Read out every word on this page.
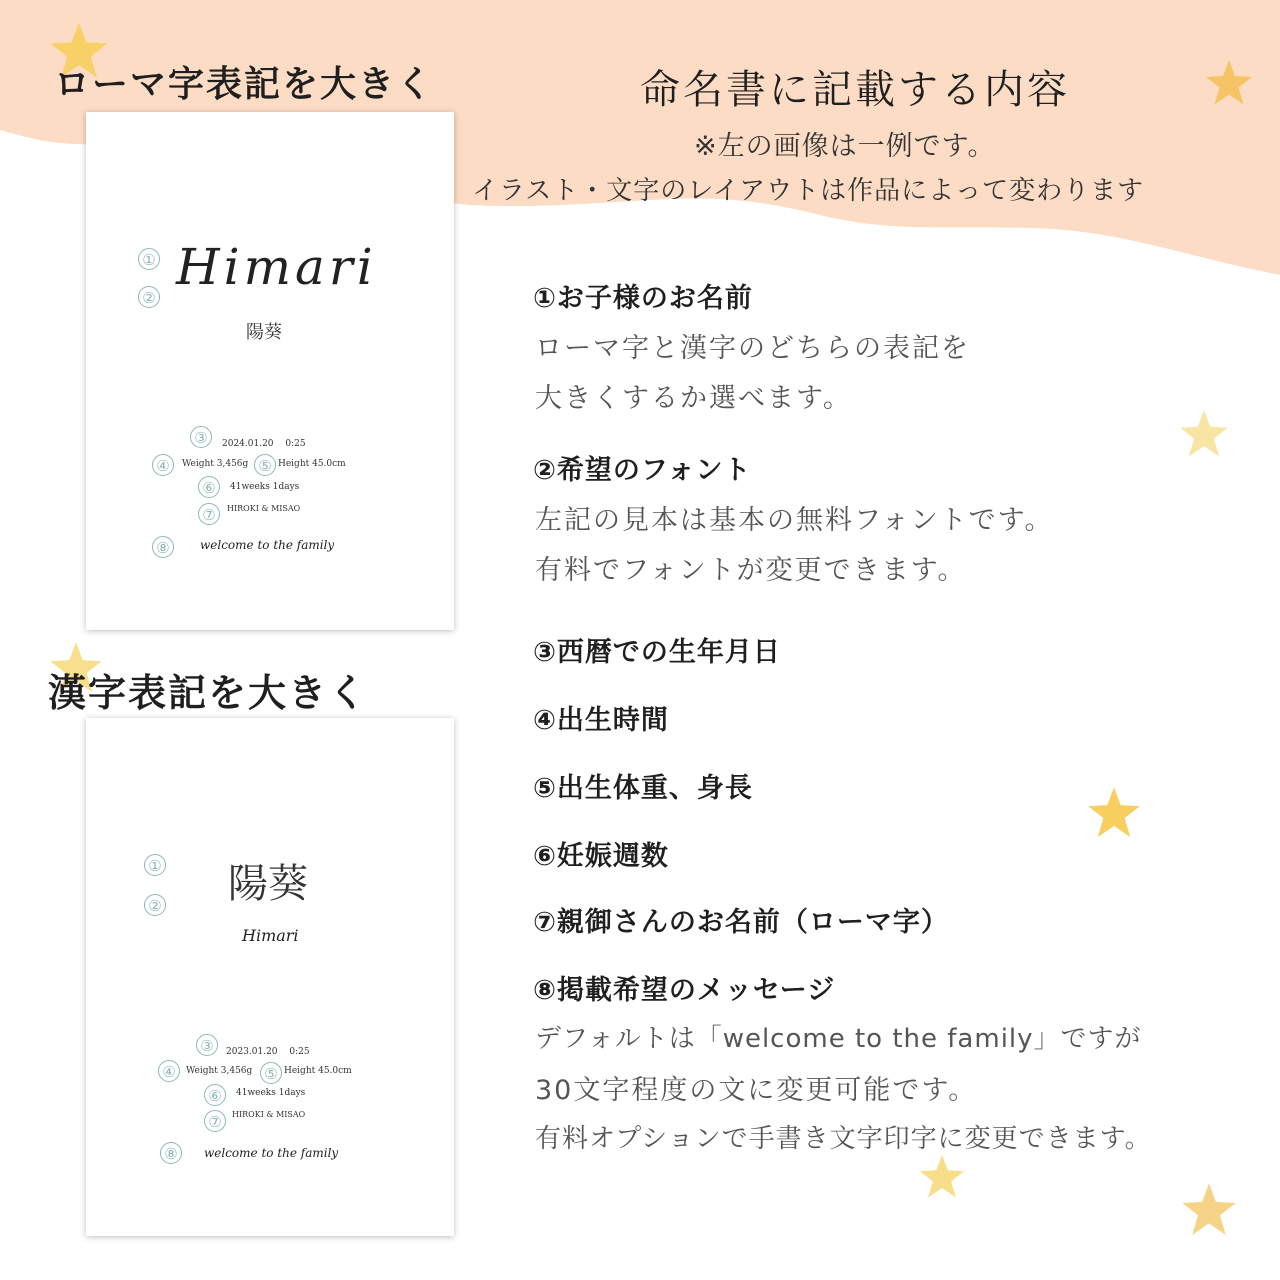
ローマ字表記を大きく
漢字表記を大きく
命名書に記載する内容
※左の画像は一例です。
イラスト・文字のレイアウトは作品によって変わります
①
②
Himari
陽葵
③	2024.01.20　 0:25
④	Weight 3,456g ⑤ Height 45.0cm
⑥	41weeks 1days
⑦	HIROKI & MISAO
⑧	welcome to the family
①
② 陽葵
Himari
③	2023.01.20　 0:25
④	Weight 3,456g ⑤ Height 45.0cm
⑥	41weeks 1days
⑦	HIROKI & MISAO
⑧	welcome to the family
①お子様のお名前
ローマ字と漢字のどちらの表記を
大きくするか選べます。
②希望のフォント
左記の見本は基本の無料フォントです。
有料でフォントが変更できます。
③西暦での生年月日
④出生時間
⑤出生体重、身長
⑥妊娠週数
⑦親御さんのお名前（ローマ字）
⑧掲載希望のメッセージ
デフォルトは「welcome to the family」ですが
30文字程度の文に変更可能です。
有料オプションで手書き文字印字に変更できます。
